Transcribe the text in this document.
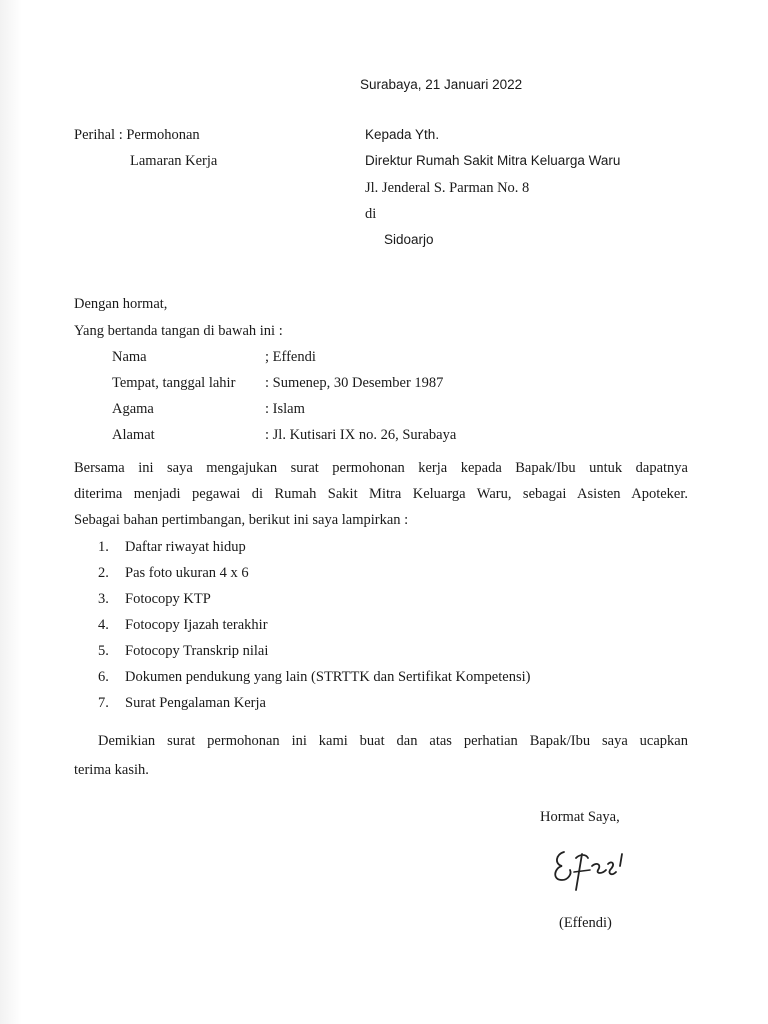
Surabaya, 21 Januari 2022
Perihal : Permohonan
Lamaran Kerja
Kepada Yth.
Direktur Rumah Sakit Mitra Keluarga Waru
Jl. Jenderal S. Parman No. 8
di
Sidoarjo
Dengan hormat,
Yang bertanda tangan di bawah ini :
Nama	; Effendi
Tempat, tanggal lahir : Sumenep, 30 Desember 1987
Agama	: Islam
Alamat	: Jl. Kutisari IX no. 26, Surabaya
Bersama ini saya mengajukan surat permohonan kerja kepada Bapak/Ibu untuk dapatnya
diterima menjadi pegawai di Rumah Sakit Mitra Keluarga Waru, sebagai Asisten Apoteker.
Sebagai bahan pertimbangan, berikut ini saya lampirkan :
1. Daftar riwayat hidup
2. Pas foto ukuran 4 x 6
3. Fotocopy KTP
4. Fotocopy Ijazah terakhir
5. Fotocopy Transkrip nilai
6. Dokumen pendukung yang lain (STRTTK dan Sertifikat Kompetensi)
7. Surat Pengalaman Kerja
Demikian surat permohonan ini kami buat dan atas perhatian Bapak/Ibu saya ucapkan
terima kasih.
Hormat Saya,
(Effendi)
